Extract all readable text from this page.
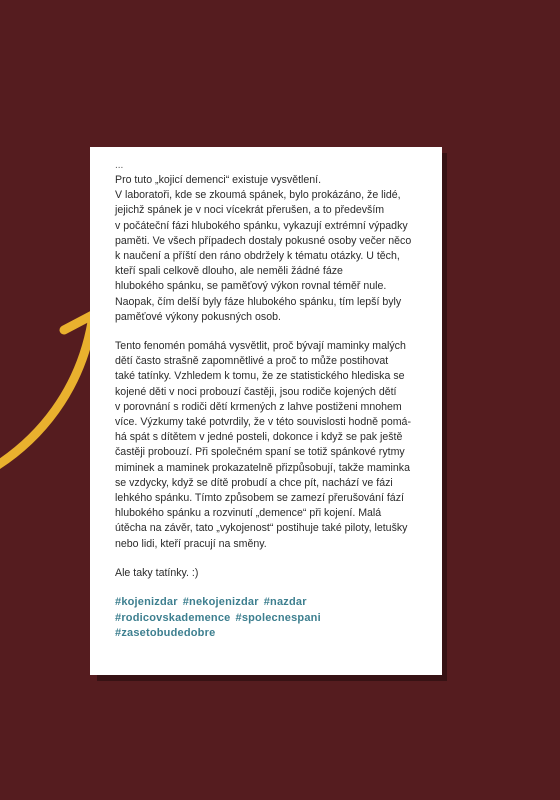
...
Pro tuto „kojicí demenci“ existuje vysvětlení.
V laboratoři, kde se zkoumá spánek, bylo prokázáno, že lidé,
jejichž spánek je v noci vícekrát přerušen, a to především
v počáteční fázi hlubokého spánku, vykazují extrémní výpadky
paměti. Ve všech případech dostaly pokusné osoby večer něco
k naučení a příští den ráno obdržely k tématu otázky. U těch,
kteří spali celkově dlouho, ale neměli žádné fáze
hlubokého spánku, se paměťový výkon rovnal téměř nule.
Naopak, čím delší byly fáze hlubokého spánku, tím lepší byly
paměťové výkony pokusných osob.
Tento fenomén pomáhá vysvětlit, proč bývají maminky malých
dětí často strašně zapomnětlivé a proč to může postihovat
také tatínky. Vzhledem k tomu, že ze statistického hlediska se
kojené děti v noci probouzí častěji, jsou rodiče kojených dětí
v porovnání s rodiči dětí krmených z lahve postiženi mnohem
více. Výzkumy také potvrdily, že v této souvislosti hodně pomá-
há spát s dítětem v jedné posteli, dokonce i když se pak ještě
častěji probouzí. Při společném spaní se totiž spánkové rytmy
miminek a maminek prokazatelně přizpůsobují, takže maminka
se vzdycky, když se dítě probudí a chce pít, nachází ve fázi
lehkého spánku. Tímto způsobem se zamezí přerušování fází
hlubokého spánku a rozvinutí „demence“ při kojení. Malá
útěcha na závěr, tato „vykojenost“ postihuje také piloty, letušky
nebo lidi, kteří pracují na směny.
Ale taky tatínky. :)
#kojenizdar #nekojenizdar #nazdar
#rodicovskademence #spolecnespani
#zasetobudedobre
